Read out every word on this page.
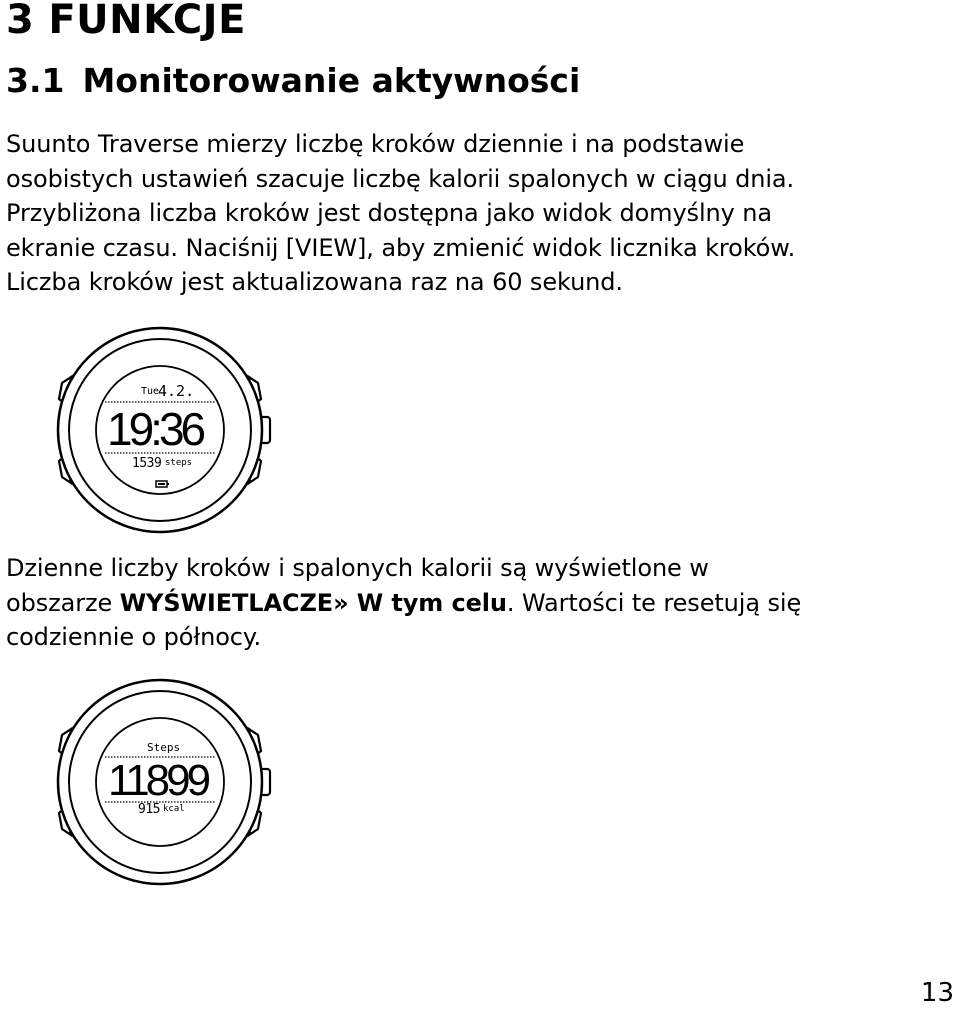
3 FUNKCJE
3.1 Monitorowanie aktywności
Suunto Traverse mierzy liczbę kroków dziennie i na podstawie
osobistych ustawień szacuje liczbę kalorii spalonych w ciągu dnia.
Przybliżona liczba kroków jest dostępna jako widok domyślny na
ekranie czasu. Naciśnij [VIEW], aby zmienić widok licznika kroków.
Liczba kroków jest aktualizowana raz na 60 sekund.
Tue
4.2.
19:36
1539 steps
Dzienne liczby kroków i spalonych kalorii są wyświetlone w
obszarze WYŚWIETLACZE» W tym celu. Wartości te resetują się
codziennie o północy.
Steps
11899
915 kcal

13
